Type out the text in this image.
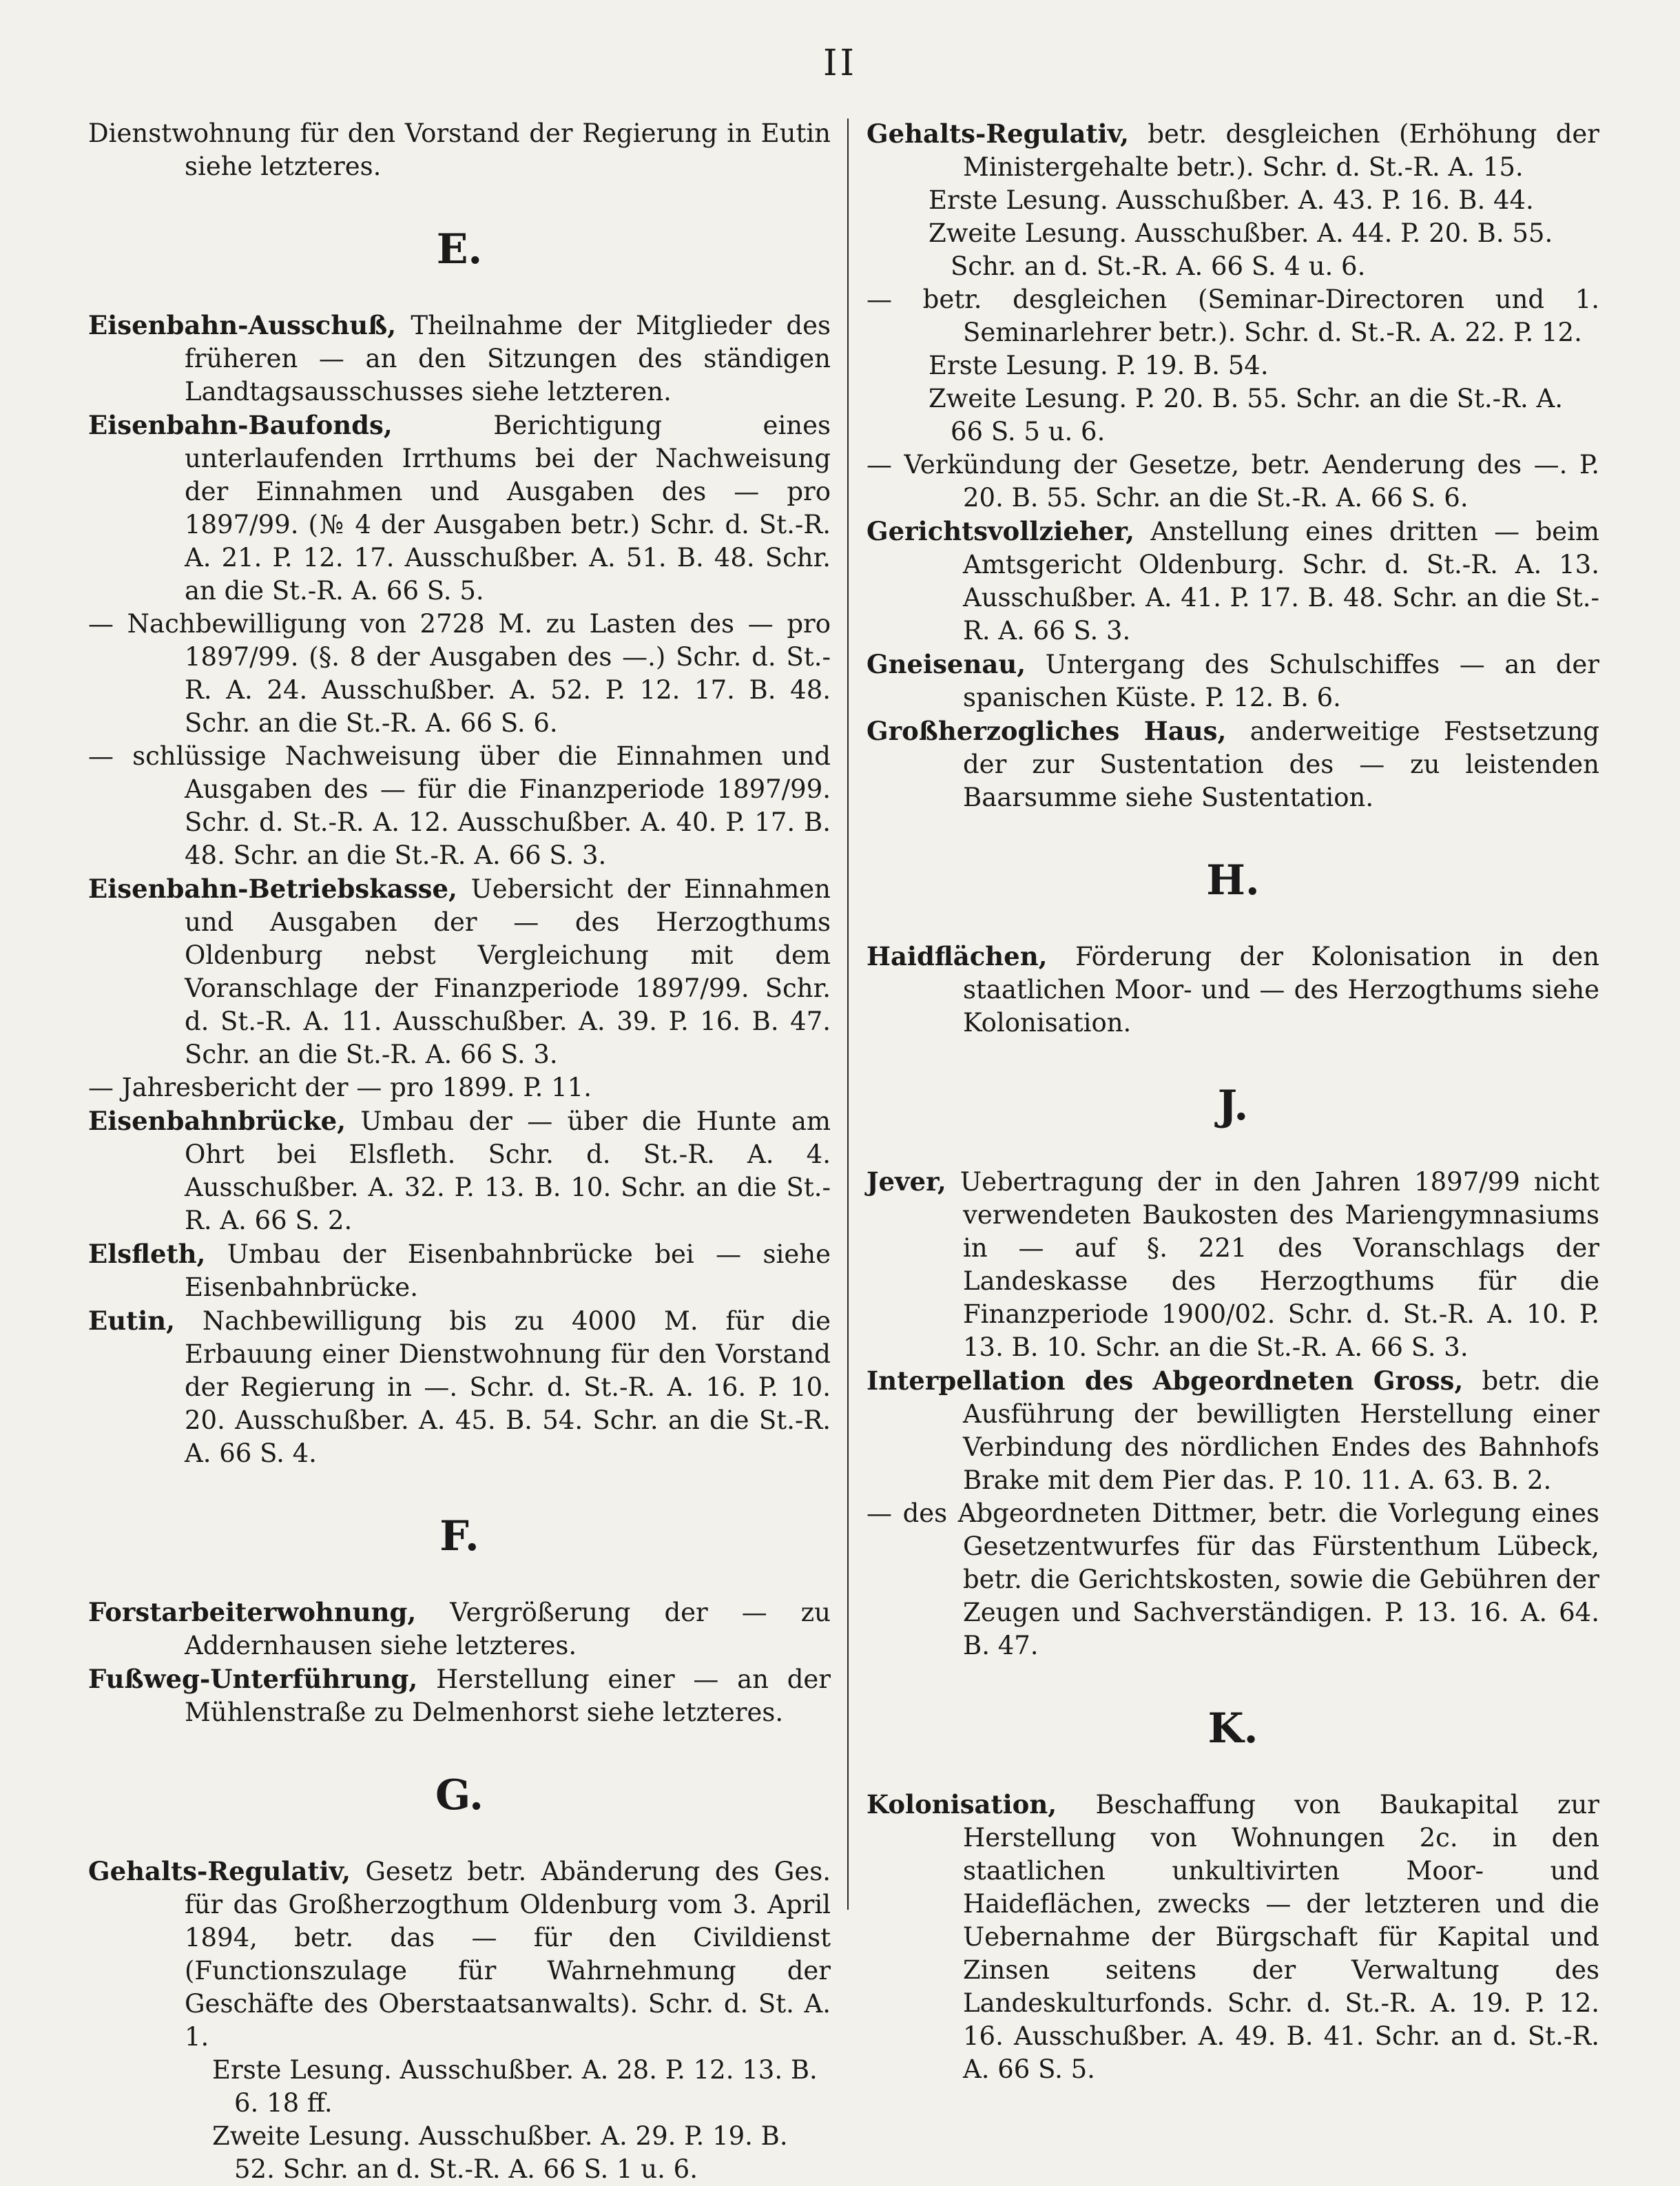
II

Dienstwohnung für den Vorstand der Regierung in Eutin siehe letzteres.

E.

Eisenbahn-Ausschuß, Theilnahme der Mitglieder des früheren — an den Sitzungen des ständigen Landtagsausschusses siehe letzteren.

Eisenbahn-Baufonds, Berichtigung eines unterlaufenden Irrthums bei der Nachweisung der Einnahmen und Ausgaben des — pro 1897/99. (№ 4 der Ausgaben betr.) Schr. d. St.-R. A. 21. P. 12. 17. Ausschußber. A. 51. B. 48. Schr. an die St.-R. A. 66 S. 5.

— Nachbewilligung von 2728 M. zu Lasten des — pro 1897/99. (§. 8 der Ausgaben des —.) Schr. d. St.-R. A. 24. Ausschußber. A. 52. P. 12. 17. B. 48. Schr. an die St.-R. A. 66 S. 6.

— schlüssige Nachweisung über die Einnahmen und Ausgaben des — für die Finanzperiode 1897/99. Schr. d. St.-R. A. 12. Ausschußber. A. 40. P. 17. B. 48. Schr. an die St.-R. A. 66 S. 3.

Eisenbahn-Betriebskasse, Uebersicht der Einnahmen und Ausgaben der — des Herzogthums Oldenburg nebst Vergleichung mit dem Voranschlage der Finanzperiode 1897/99. Schr. d. St.-R. A. 11. Ausschußber. A. 39. P. 16. B. 47. Schr. an die St.-R. A. 66 S. 3.

— Jahresbericht der — pro 1899. P. 11.

Eisenbahnbrücke, Umbau der — über die Hunte am Ohrt bei Elsfleth. Schr. d. St.-R. A. 4. Ausschußber. A. 32. P. 13. B. 10. Schr. an die St.-R. A. 66 S. 2.

Elsfleth, Umbau der Eisenbahnbrücke bei — siehe Eisenbahnbrücke.

Eutin, Nachbewilligung bis zu 4000 M. für die Erbauung einer Dienstwohnung für den Vorstand der Regierung in —. Schr. d. St.-R. A. 16. P. 10. 20. Ausschußber. A. 45. B. 54. Schr. an die St.-R. A. 66 S. 4.

F.

Forstarbeiterwohnung, Vergrößerung der — zu Addernhausen siehe letzteres.

Fußweg-Unterführung, Herstellung einer — an der Mühlenstraße zu Delmenhorst siehe letzteres.

G.

Gehalts-Regulativ, Gesetz betr. Abänderung des Ges. für das Großherzogthum Oldenburg vom 3. April 1894, betr. das — für den Civildienst (Functionszulage für Wahrnehmung der Geschäfte des Oberstaatsanwalts). Schr. d. St. A. 1.

Erste Lesung. Ausschußber. A. 28. P. 12. 13. B. 6. 18 ff.

Zweite Lesung. Ausschußber. A. 29. P. 19. B. 52. Schr. an d. St.-R. A. 66 S. 1 u. 6.

Gehalts-Regulativ, betr. desgleichen (Erhöhung der Ministergehalte betr.). Schr. d. St.-R. A. 15.

Erste Lesung. Ausschußber. A. 43. P. 16. B. 44.

Zweite Lesung. Ausschußber. A. 44. P. 20. B. 55. Schr. an d. St.-R. A. 66 S. 4 u. 6.

— betr. desgleichen (Seminar-Directoren und 1. Seminarlehrer betr.). Schr. d. St.-R. A. 22. P. 12.

Erste Lesung. P. 19. B. 54.

Zweite Lesung. P. 20. B. 55. Schr. an die St.-R. A. 66 S. 5 u. 6.

— Verkündung der Gesetze, betr. Aenderung des —. P. 20. B. 55. Schr. an die St.-R. A. 66 S. 6.

Gerichtsvollzieher, Anstellung eines dritten — beim Amtsgericht Oldenburg. Schr. d. St.-R. A. 13. Ausschußber. A. 41. P. 17. B. 48. Schr. an die St.-R. A. 66 S. 3.

Gneisenau, Untergang des Schulschiffes — an der spanischen Küste. P. 12. B. 6.

Großherzogliches Haus, anderweitige Festsetzung der zur Sustentation des — zu leistenden Baarsumme siehe Sustentation.

H.

Haidflächen, Förderung der Kolonisation in den staatlichen Moor- und — des Herzogthums siehe Kolonisation.

J.

Jever, Uebertragung der in den Jahren 1897/99 nicht verwendeten Baukosten des Mariengymnasiums in — auf §. 221 des Voranschlags der Landeskasse des Herzogthums für die Finanzperiode 1900/02. Schr. d. St.-R. A. 10. P. 13. B. 10. Schr. an die St.-R. A. 66 S. 3.

Interpellation des Abgeordneten Gross, betr. die Ausführung der bewilligten Herstellung einer Verbindung des nördlichen Endes des Bahnhofs Brake mit dem Pier das. P. 10. 11. A. 63. B. 2.

— des Abgeordneten Dittmer, betr. die Vorlegung eines Gesetzentwurfes für das Fürstenthum Lübeck, betr. die Gerichtskosten, sowie die Gebühren der Zeugen und Sachverständigen. P. 13. 16. A. 64. B. 47.

K.

Kolonisation, Beschaffung von Baukapital zur Herstellung von Wohnungen 2c. in den staatlichen unkultivirten Moor- und Haideflächen, zwecks — der letzteren und die Uebernahme der Bürgschaft für Kapital und Zinsen seitens der Verwaltung des Landeskulturfonds. Schr. d. St.-R. A. 19. P. 12. 16. Ausschußber. A. 49. B. 41. Schr. an d. St.-R. A. 66 S. 5.
